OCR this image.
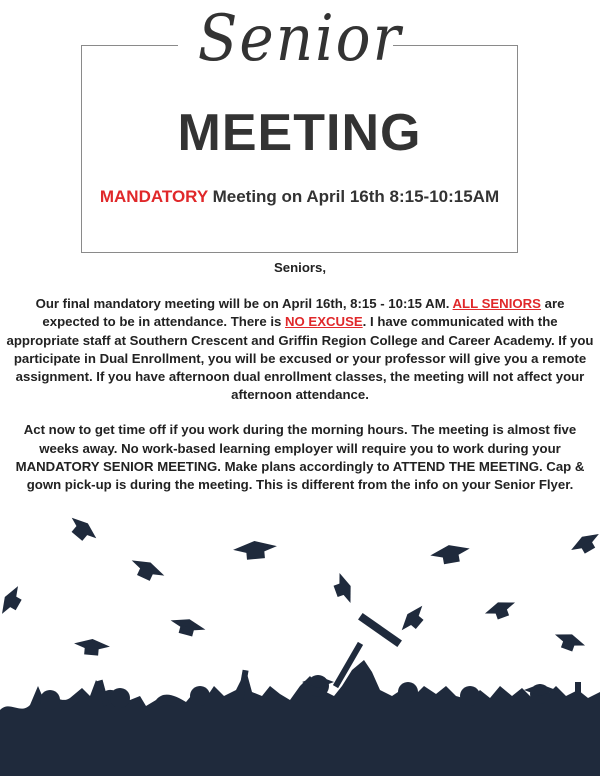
Senior
MEETING
MANDATORY Meeting on April 16th 8:15-10:15AM

Seniors,

Our final mandatory meeting will be on April 16th, 8:15 - 10:15 AM. ALL SENIORS are expected to be in attendance. There is NO EXCUSE. I have communicated with the appropriate staff at Southern Crescent and Griffin Region College and Career Academy. If you participate in Dual Enrollment, you will be excused or your professor will give you a remote assignment. If you have afternoon dual enrollment classes, the meeting will not affect your afternoon attendance.

Act now to get time off if you work during the morning hours. The meeting is almost five weeks away. No work-based learning employer will require you to work during your MANDATORY SENIOR MEETING. Make plans accordingly to ATTEND THE MEETING. Cap & gown pick-up is during the meeting. This is different from the info on your Senior Flyer.
